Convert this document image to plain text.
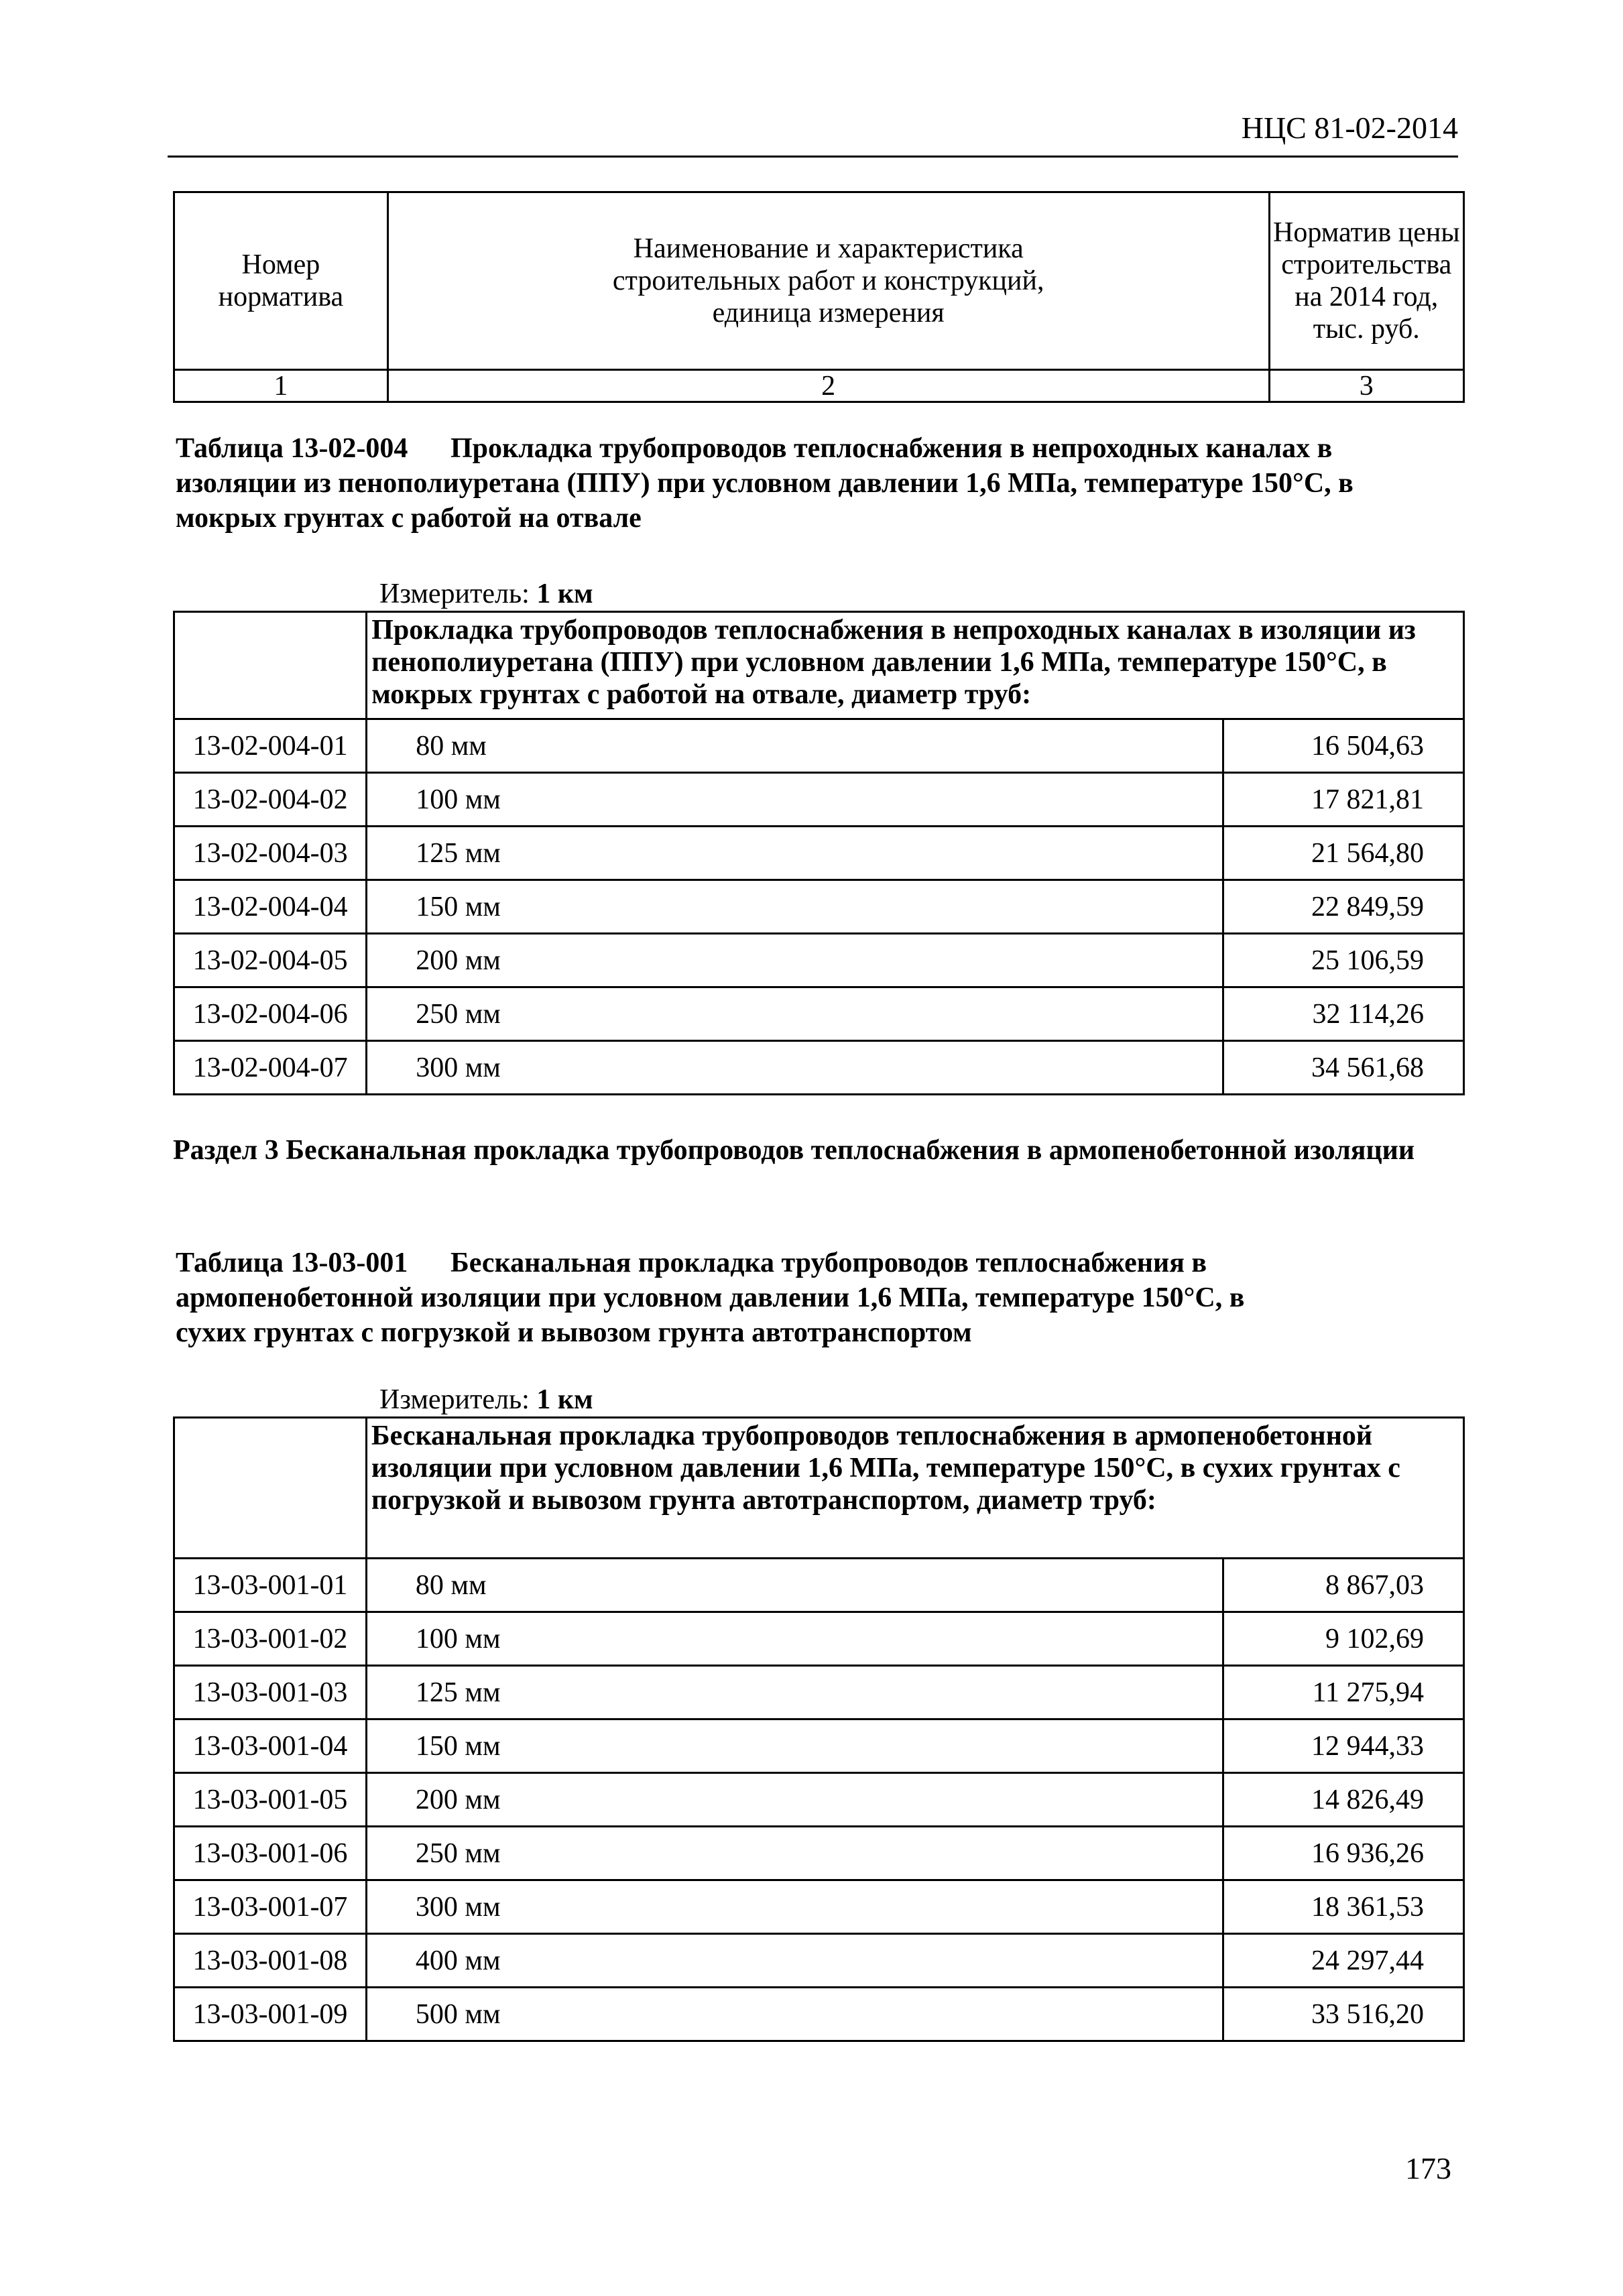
НЦС 81-02-2014
Номер норматива	Наименование и характеристика строительных работ и конструкций, единица измерения	Норматив цены строительства на 2014 год, тыс. руб.
1	2	3
Таблица 13-02-004	Прокладка трубопроводов теплоснабжения в непроходных каналах в изоляции из пенополиуретана (ППУ) при условном давлении 1,6 МПа, температуре 150°С, в мокрых грунтах с работой на отвале
Измеритель: 1 км
	Прокладка трубопроводов теплоснабжения в непроходных каналах в изоляции из пенополиуретана (ППУ) при условном давлении 1,6 МПа, температуре 150°С, в мокрых грунтах с работой на отвале, диаметр труб:	
13-02-004-01	80 мм	16 504,63
13-02-004-02	100 мм	17 821,81
13-02-004-03	125 мм	21 564,80
13-02-004-04	150 мм	22 849,59
13-02-004-05	200 мм	25 106,59
13-02-004-06	250 мм	32 114,26
13-02-004-07	300 мм	34 561,68
Раздел 3 Бесканальная прокладка трубопроводов теплоснабжения в армопенобетонной изоляции
Таблица 13-03-001	Бесканальная прокладка трубопроводов теплоснабжения в армопенобетонной изоляции при условном давлении 1,6 МПа, температуре 150°С, в сухих грунтах с погрузкой и вывозом грунта автотранспортом
Измеритель: 1 км
	Бесканальная прокладка трубопроводов теплоснабжения в армопенобетонной изоляции при условном давлении 1,6 МПа, температуре 150°С, в сухих грунтах с погрузкой и вывозом грунта автотранспортом, диаметр труб:	
13-03-001-01	80 мм	8 867,03
13-03-001-02	100 мм	9 102,69
13-03-001-03	125 мм	11 275,94
13-03-001-04	150 мм	12 944,33
13-03-001-05	200 мм	14 826,49
13-03-001-06	250 мм	16 936,26
13-03-001-07	300 мм	18 361,53
13-03-001-08	400 мм	24 297,44
13-03-001-09	500 мм	33 516,20
173
